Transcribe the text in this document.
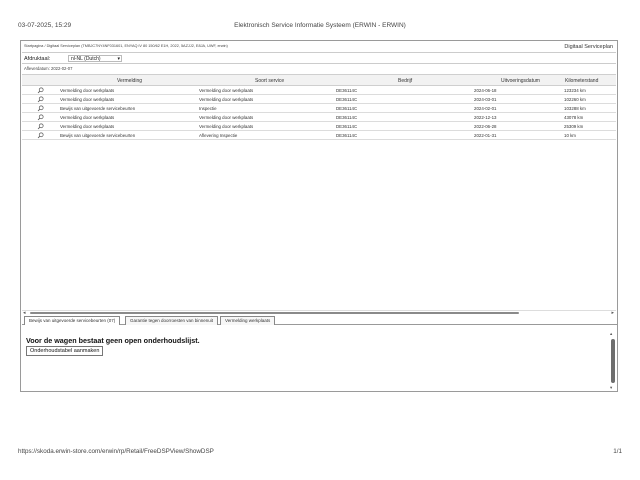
03-07-2025, 15:29	Elektronisch Service Informatie Systeem (ERWIN - ERWIN)
Startpagina / Digitaal Serviceplan (TMBJC7NY4NF031601, ENYAQ iV 80 150/62 E1H, 2022, 5AZJJ2, E8JA, UWF, erwin)	Digitaal Serviceplan
Afdruktaal:	nl-NL (Dutch)	▾
Afleverdatum: 2022-02-07
Vermelding	Soort service	Bedrijf	Uitvoeringsdatum	Kilometerstand
Vermelding door werkplaats	Vermelding door werkplaats	DE36114C	2024-06-18	123234 km
Vermelding door werkplaats	Vermelding door werkplaats	DE36114C	2024-03-01	102260 km
Bewijs van uitgevoerde servicebeurten	Inspectie	DE36114C	2024-02-01	103288 km
Vermelding door werkplaats	Vermelding door werkplaats	DE36114C	2022-12-13	43078 km
Vermelding door werkplaats	Vermelding door werkplaats	DE36114C	2022-06-28	25309 km
Bewijs van uitgevoerde servicebeurten	Aflevering Inspectie	DE36114C	2022-01-31	10 km
◂	▸
Bewijs van uitgevoerde servicebeurten (07)	Garantie tegen doorroesten van binnenuit	Vermelding werkplaats
Voor de wagen bestaat geen open onderhoudslijst.
Onderhoudstabel aanmaken
▴
▾
https://skoda.erwin-store.com/erwin/rp/Retail/FreeDSPView/ShowDSP	1/1
